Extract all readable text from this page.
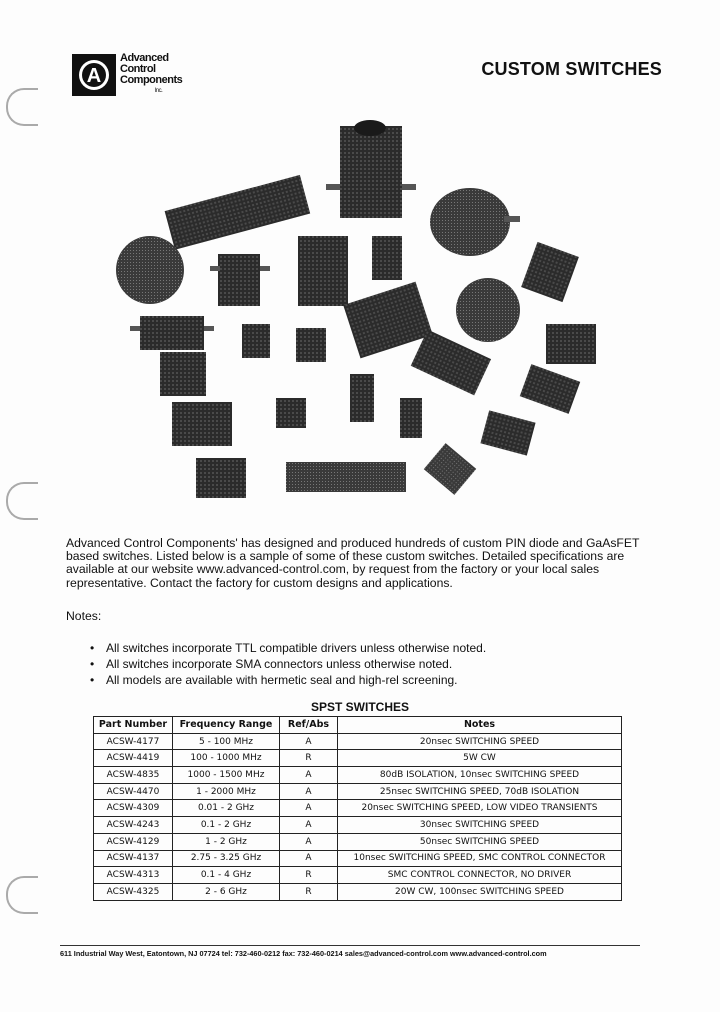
A
Advanced
Control
Components
Inc.
CUSTOM SWITCHES

Advanced Control Components' has designed and produced hundreds of custom PIN diode and GaAsFET based switches. Listed below is a sample of some of these custom switches. Detailed specifications are available at our website www.advanced-control.com, by request from the factory or your local sales representative. Contact the factory for custom designs and applications.

Notes:
• All switches incorporate TTL compatible drivers unless otherwise noted.
• All switches incorporate SMA connectors unless otherwise noted.
• All models are available with hermetic seal and high-rel screening.
SPST SWITCHES
Part Number	Frequency Range	Ref/Abs	Notes
ACSW-4177	5 - 100 MHz	A	20nsec SWITCHING SPEED
ACSW-4419	100 - 1000 MHz	R	5W CW
ACSW-4835	1000 - 1500 MHz	A	80dB ISOLATION, 10nsec SWITCHING SPEED
ACSW-4470	1 - 2000 MHz	A	25nsec SWITCHING SPEED, 70dB ISOLATION
ACSW-4309	0.01 - 2 GHz	A	20nsec SWITCHING SPEED, LOW VIDEO TRANSIENTS
ACSW-4243	0.1 - 2 GHz	A	30nsec SWITCHING SPEED
ACSW-4129	1 - 2 GHz	A	50nsec SWITCHING SPEED
ACSW-4137	2.75 - 3.25 GHz	A	10nsec SWITCHING SPEED, SMC CONTROL CONNECTOR
ACSW-4313	0.1 - 4 GHz	R	SMC CONTROL CONNECTOR, NO DRIVER
ACSW-4325	2 - 6 GHz	R	20W CW, 100nsec SWITCHING SPEED
611 Industrial Way West, Eatontown, NJ 07724 tel: 732-460-0212 fax: 732-460-0214 sales@advanced-control.com www.advanced-control.com
